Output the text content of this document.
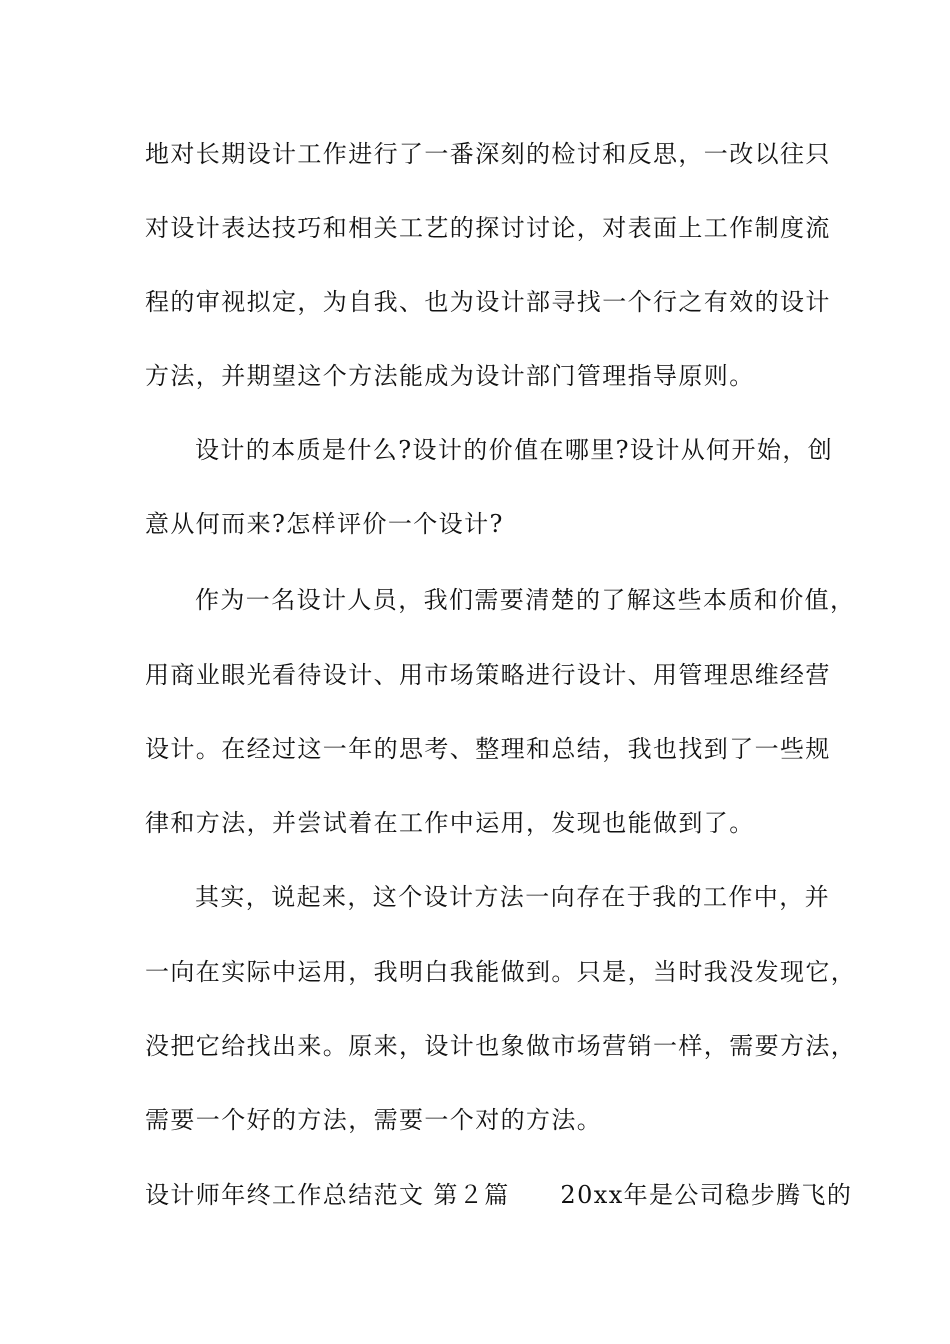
地对长期设计工作进行了一番深刻的检讨和反思，一改以往只
对设计表达技巧和相关工艺的探讨讨论，对表面上工作制度流
程的审视拟定，为自我、也为设计部寻找一个行之有效的设计
方法，并期望这个方法能成为设计部门管理指导原则。
设计的本质是什么?设计的价值在哪里?设计从何开始，创
意从何而来?怎样评价一个设计?
作为一名设计人员，我们需要清楚的了解这些本质和价值，
用商业眼光看待设计、用市场策略进行设计、用管理思维经营
设计。在经过这一年的思考、整理和总结，我也找到了一些规
律和方法，并尝试着在工作中运用，发现也能做到了。
其实，说起来，这个设计方法一向存在于我的工作中，并
一向在实际中运用，我明白我能做到。只是，当时我没发现它，
没把它给找出来。原来，设计也象做市场营销一样，需要方法，
需要一个好的方法，需要一个对的方法。
设计师年终工作总结范文 第２篇　　20xx年是公司稳步腾飞的
